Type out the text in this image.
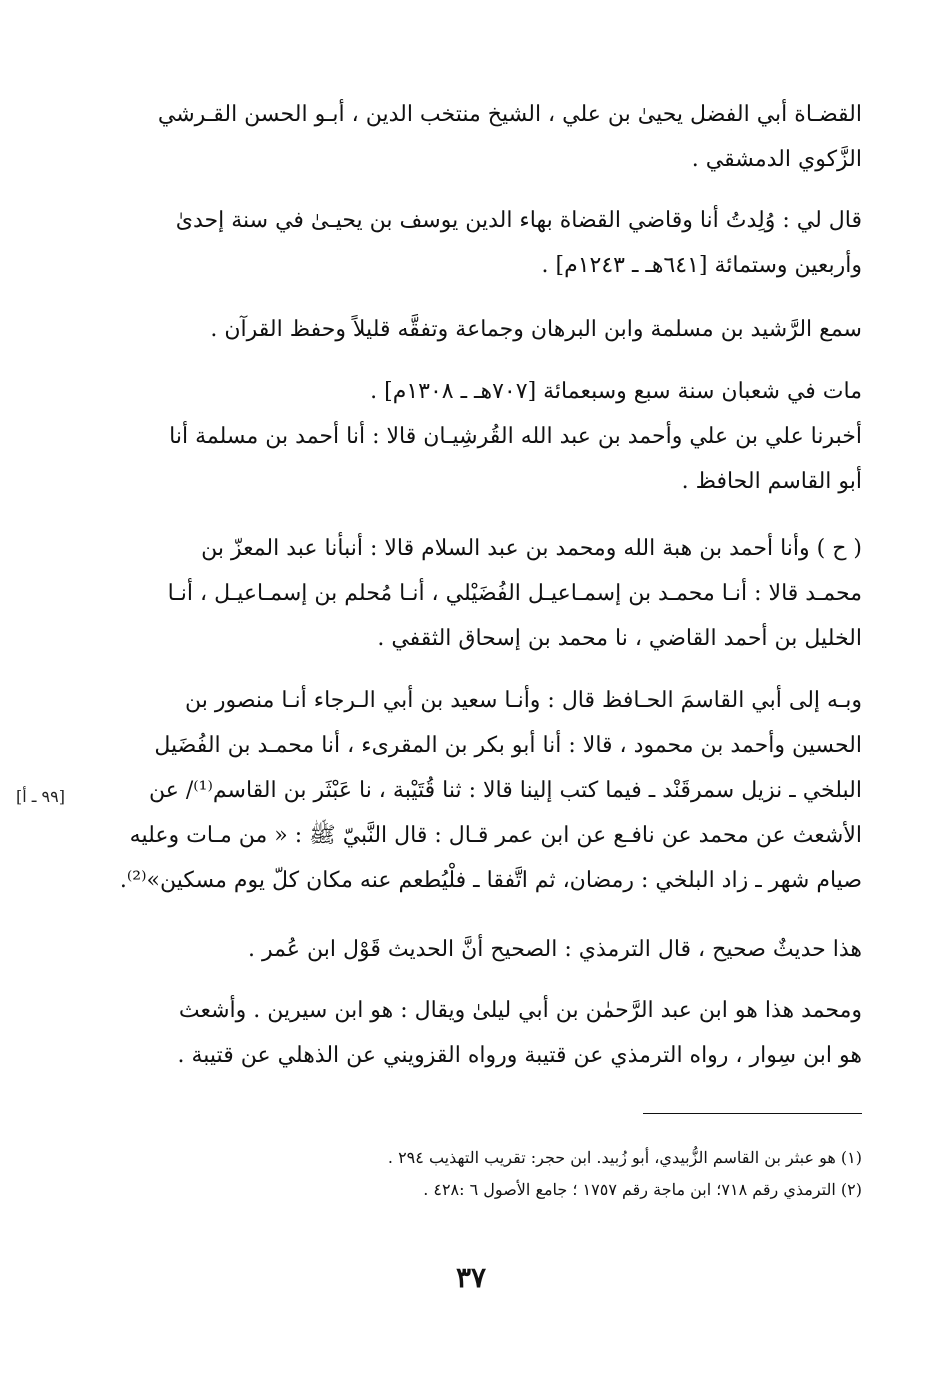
القضـاة أبي الفضل يحيىٰ بن علي ، الشيخ منتخب الدين ، أبـو الحسن القـرشي
الزَّكوي الدمشقي .
قال لي : وُلِدتُ أنا وقاضي القضاة بهاء الدين يوسف بن يحيـىٰ في سنة إحدىٰ
وأربعين وستمائة [٦٤١هـ ـ ١٢٤٣م] .
سمع الرَّشيد بن مسلمة وابن البرهان وجماعة وتفقَّه قليلاً وحفظ القرآن .
مات في شعبان سنة سبع وسبعمائة [٧٠٧هـ ـ ١٣٠٨م] .
أخبرنا علي بن علي وأحمد بن عبد الله القُرشِيـان قالا : أنا أحمد بن مسلمة أنا
أبو القاسم الحافظ .
( ح ) وأنا أحمد بن هبة الله ومحمد بن عبد السلام قالا : أنبأنا عبد المعزّ بن
محمـد قالا : أنـا محمـد بن إسمـاعيـل الفُضَيْلي ، أنـا مُحلم بن إسمـاعيـل ، أنـا
الخليل بن أحمد القاضي ، نا محمد بن إسحاق الثقفي .
وبـه إلى أبي القاسمَ الحـافظ قال : وأنـا سعيد بن أبي الـرجاء أنـا منصور بن
الحسين وأحمد بن محمود ، قالا : أنا أبو بكر بن المقرىء ، أنا محمـد بن الفُضَيل
البلخي ـ نزيل سمرقَنْد ـ فيما كتب إلينا قالا : ثنا قُتَيْبة ، نا عَبْثَر بن القاسم⁽¹⁾/ عن
الأشعث عن محمد عن نافـع عن ابن عمر قـال : قال النَّبيّ ﷺ : « من مـات وعليه
صيام شهر ـ زاد البلخي : رمضان، ثم اتَّفقا ـ فلْيُطعم عنه مكان كلّ يوم مسكين»⁽²⁾.
هذا حديثٌ صحيح ، قال الترمذي : الصحيح أنَّ الحديث قَوْل ابن عُمر .
ومحمد هذا هو ابن عبد الرَّحمٰن بن أبي ليلىٰ ويقال : هو ابن سيرين . وأشعث
هو ابن سِوار ، رواه الترمذي عن قتيبة ورواه القزويني عن الذهلي عن قتيبة .
[٩٩ ـ أ]
(١) هو عبثر بن القاسم الزُّبيدي، أبو زُبيد. ابن حجر: تقريب التهذيب ٢٩٤ .
(٢) الترمذي رقم ٧١٨؛ ابن ماجة رقم ١٧٥٧ ؛ جامع الأصول ٦ :٤٢٨ .
٣٧
